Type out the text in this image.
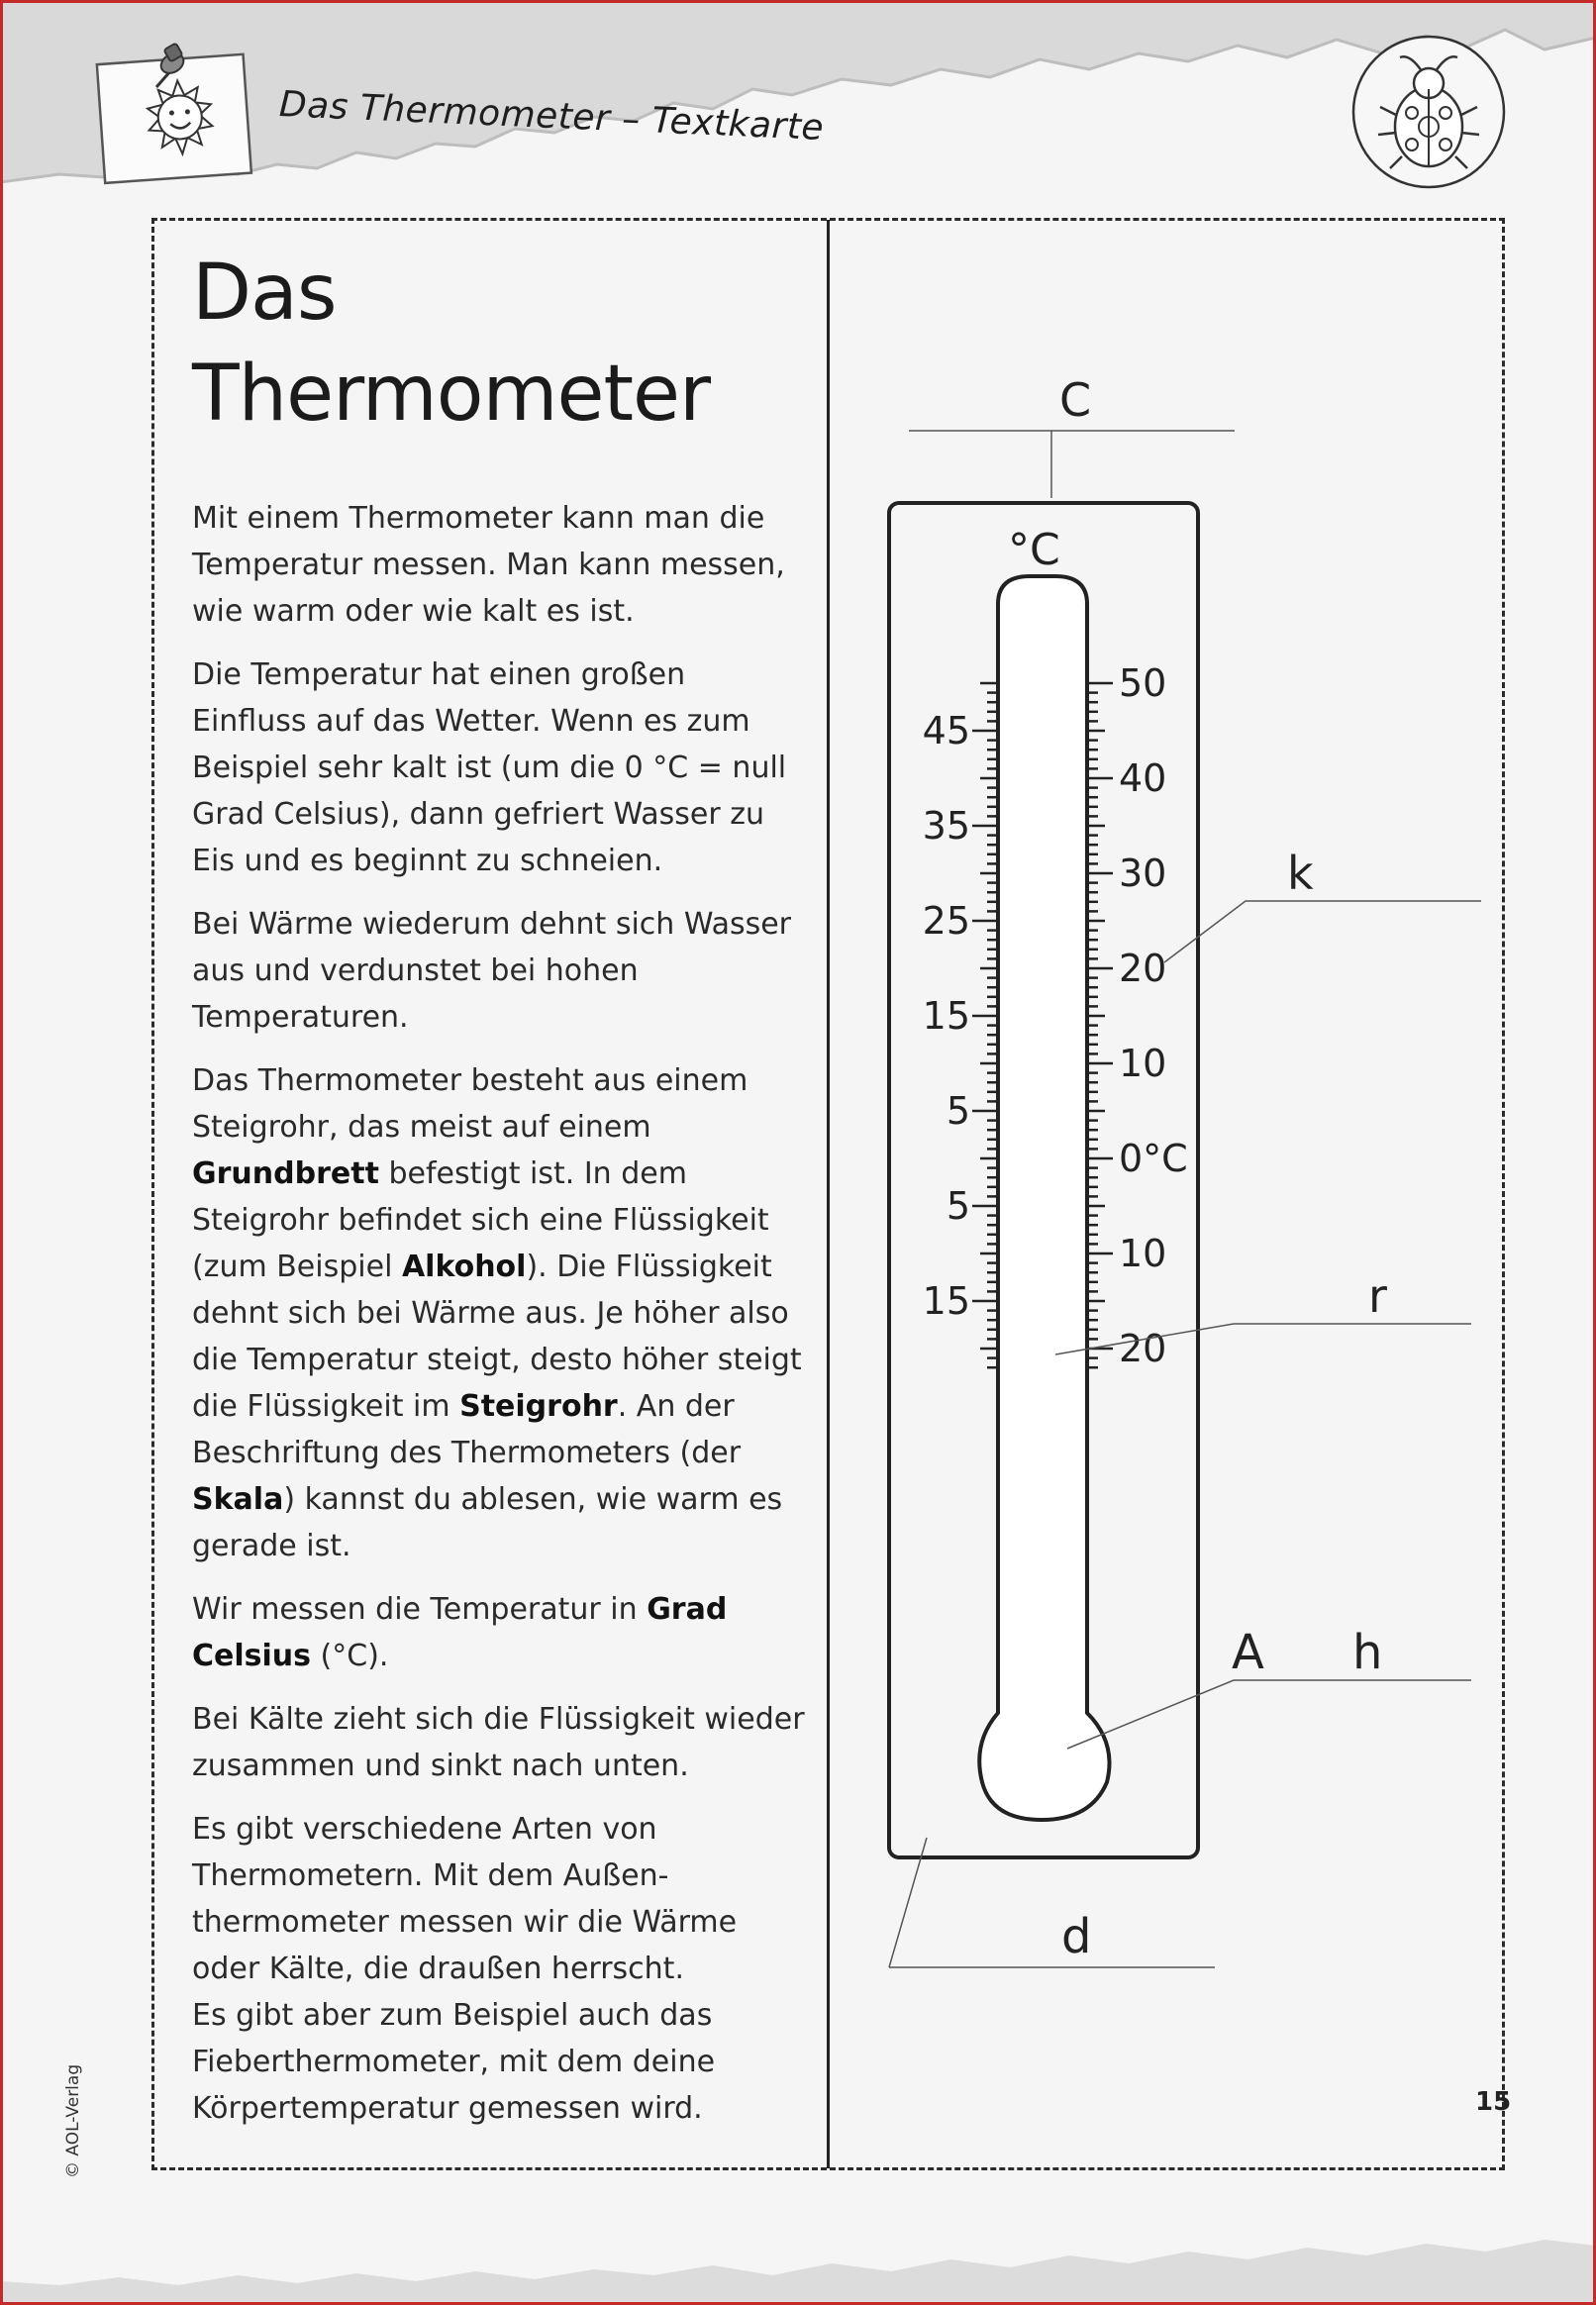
Das Thermometer – Textkarte
Das
Thermometer

Mit einem Thermometer kann man die Temperatur messen. Man kann messen, wie warm oder wie kalt es ist.

Die Temperatur hat einen großen Einfluss auf das Wetter. Wenn es zum Beispiel sehr kalt ist (um die 0 °C = null Grad Celsius), dann gefriert Wasser zu Eis und es beginnt zu schneien.

Bei Wärme wiederum dehnt sich Wasser aus und verdunstet bei hohen Temperaturen.

Das Thermometer besteht aus einem Steigrohr, das meist auf einem Grundbrett befestigt ist. In dem Steigrohr befindet sich eine Flüssigkeit (zum Beispiel Alkohol). Die Flüssigkeit dehnt sich bei Wärme aus. Je höher also die Temperatur steigt, desto höher steigt die Flüssigkeit im Steigrohr. An der Beschriftung des Thermometers (der Skala) kannst du ablesen, wie warm es gerade ist.

Wir messen die Temperatur in Grad Celsius (°C).

Bei Kälte zieht sich die Flüssigkeit wieder zusammen und sinkt nach unten.

Es gibt verschiedene Arten von Thermometern. Mit dem Außen-
thermometer messen wir die Wärme oder Kälte, die draußen herrscht.
Es gibt aber zum Beispiel auch das Fieberthermometer, mit dem deine Körpertemperatur gemessen wird.

°C
50
40
30
20
10
0°C
10
20
45
35
25
15
5
5
15
C
k
r
A h
d
© AOL-Verlag	15
